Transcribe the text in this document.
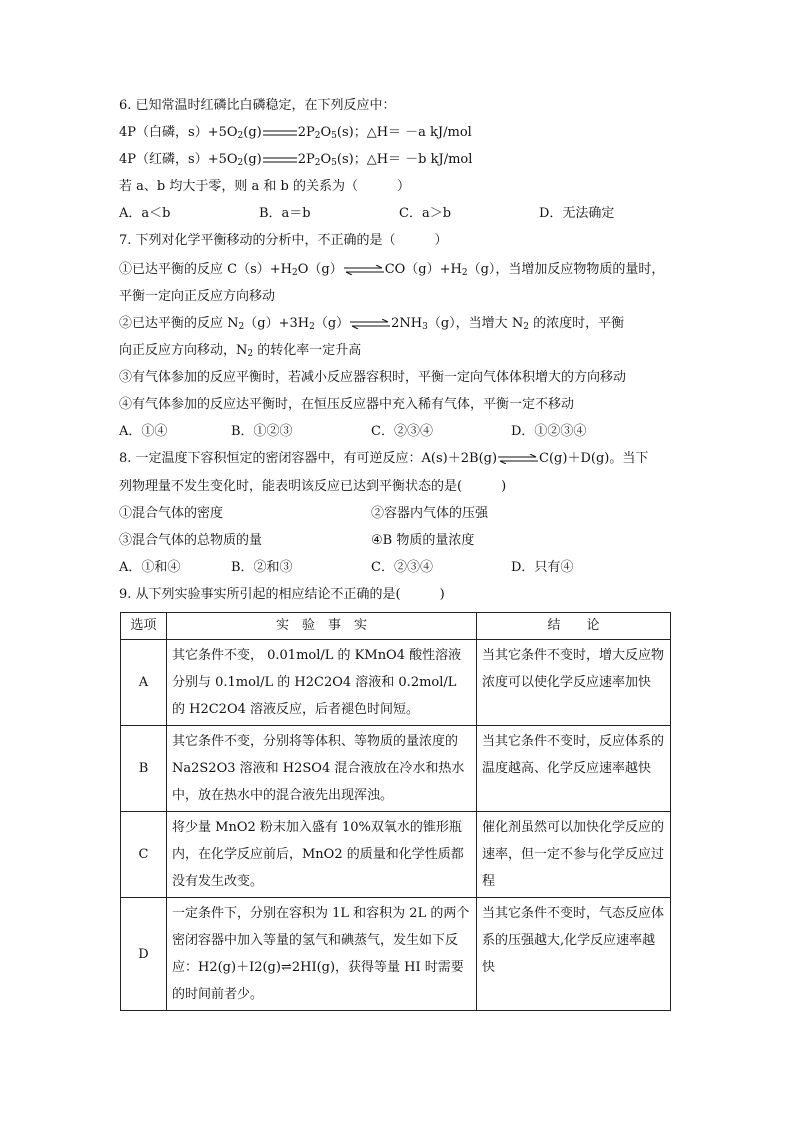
6. 已知常温时红磷比白磷稳定，在下列反应中：
4P（白磷，$s)+5O_2(g)$	$2P_2O_5(s)$；△H＝ －a kJ/mol
4P（红磷，$s)+5O_2(g)$	$2P_2O_5(s)$；△H＝ －b kJ/mol
若 a、b 均大于零，则 a 和 b 的关系为（　　　）
A．a＜b	B．a＝b	C．a＞b	D．无法确定
7. 下列对化学平衡移动的分析中，不正确的是（　　　）
①已达平衡的反应 $C(s)+H_2O(g)\rightleftharpoons CO(g)+H_2(g)$，当增加反应物物质的量时，
平衡一定向正反应方向移动
②已达平衡的反应 $N_2(g)+3H_2(g)\rightleftharpoons 2NH_3(g)$，当增大 $N_2$ 的浓度时，平衡
向正反应方向移动，$N_2$ 的转化率一定升高
③有气体参加的反应平衡时，若减小反应器容积时，平衡一定向气体体积增大的方向移动
④有气体参加的反应达平衡时，在恒压反应器中充入稀有气体，平衡一定不移动
A．①④	B．①②③	C．②③④	D．①②③④
8. 一定温度下容积恒定的密闭容器中，有可逆反应：A(s)＋2B(g)⇌C(g)＋D(g)。当下
列物理量不发生变化时，能表明该反应已达到平衡状态的是(　　　)
①混合气体的密度	②容器内气体的压强
③混合气体的总物质的量	④B 物质的量浓度
A．①和④	B．②和③	C．②③④	D．只有④
9. 从下列实验事实所引起的相应结论不正确的是(　　　)
选项	实　验　事　实	结　　论
A	其它条件不变， 0.01mol/L 的 KMnO4 酸性溶液分别与 0.1mol/L 的 H2C2O4 溶液和 0.2mol/L 的 H2C2O4 溶液反应，后者褪色时间短。	当其它条件不变时，增大反应物浓度可以使化学反应速率加快
B	其它条件不变，分别将等体积、等物质的量浓度的 Na2S2O3 溶液和 H2SO4 混合液放在冷水和热水中，放在热水中的混合液先出现浑浊。	当其它条件不变时，反应体系的温度越高、化学反应速率越快
C	将少量 MnO2 粉末加入盛有 10%双氧水的锥形瓶内，在化学反应前后，MnO2 的质量和化学性质都没有发生改变。	催化剂虽然可以加快化学反应的速率，但一定不参与化学反应过程
D	一定条件下，分别在容积为 1L 和容积为 2L 的两个密闭容器中加入等量的氢气和碘蒸气，发生如下反应：H2(g)＋I2(g)⇌2HI(g)，获得等量 HI 时需要的时间前者少。	当其它条件不变时，气态反应体系的压强越大,化学反应速率越快
